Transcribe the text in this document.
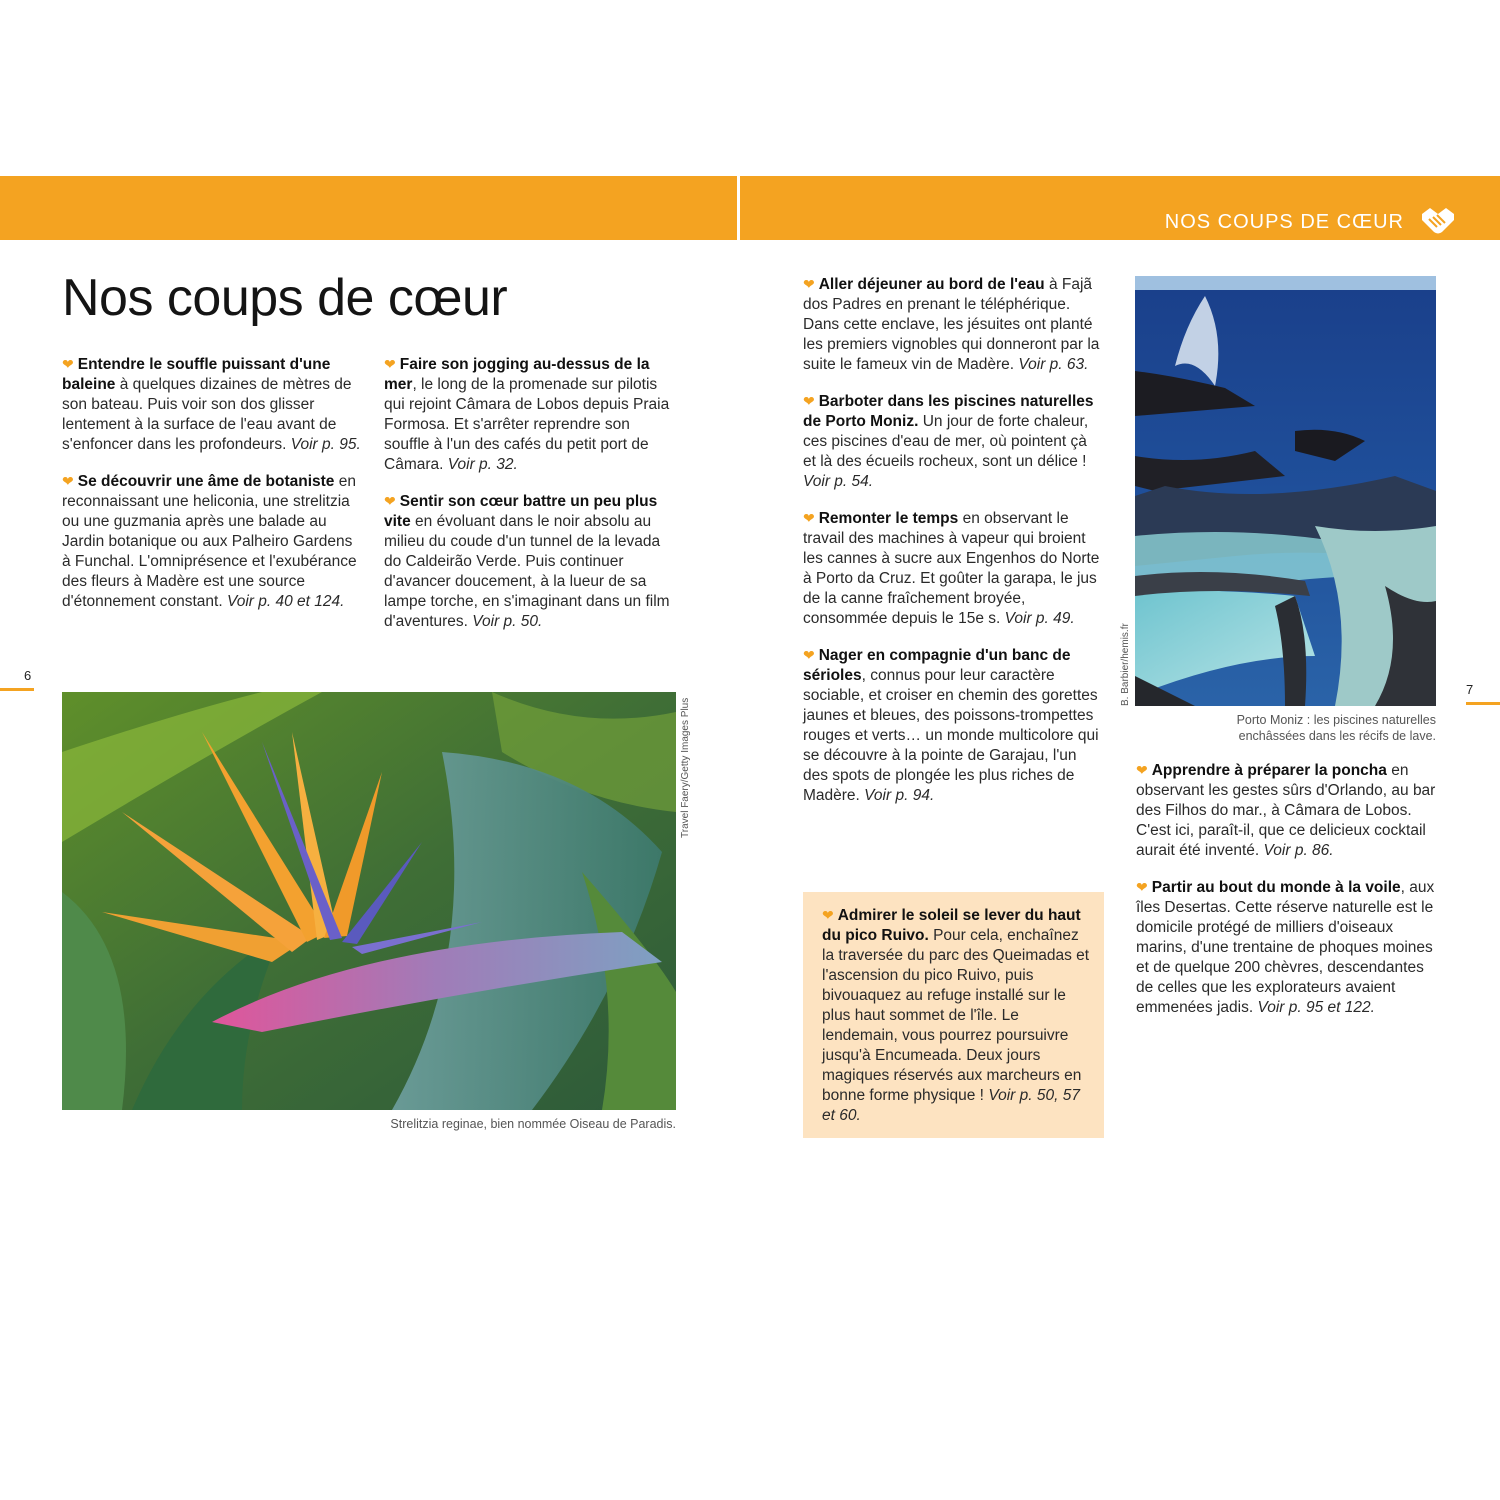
NOS COUPS DE CŒUR
Nos coups de cœur

❤ Entendre le souffle puissant d'une baleine à quelques dizaines de mètres de son bateau. Puis voir son dos glisser lentement à la surface de l'eau avant de s'enfoncer dans les profondeurs. Voir p. 95.

❤ Se découvrir une âme de botaniste en reconnaissant une heliconia, une strelitzia ou une guzmania après une balade au Jardin botanique ou aux Palheiro Gardens à Funchal. L'omniprésence et l'exubérance des fleurs à Madère est une source d'étonnement constant. Voir p. 40 et 124.

❤ Faire son jogging au-dessus de la mer, le long de la promenade sur pilotis qui rejoint Câmara de Lobos depuis Praia Formosa. Et s'arrêter reprendre son souffle à l'un des cafés du petit port de Câmara. Voir p. 32.

❤ Sentir son cœur battre un peu plus vite en évoluant dans le noir absolu au milieu du coude d'un tunnel de la levada do Caldeirão Verde. Puis continuer d'avancer doucement, à la lueur de sa lampe torche, en s'imaginant dans un film d'aventures. Voir p. 50.

6
7
Travel Faery/Getty Images Plus
Strelitzia reginae, bien nommée Oiseau de Paradis.

❤ Aller déjeuner au bord de l'eau à Fajã dos Padres en prenant le téléphérique. Dans cette enclave, les jésuites ont planté les premiers vignobles qui donneront par la suite le fameux vin de Madère. Voir p. 63.

❤ Barboter dans les piscines naturelles de Porto Moniz. Un jour de forte chaleur, ces piscines d'eau de mer, où pointent çà et là des écueils rocheux, sont un délice ! Voir p. 54.

❤ Remonter le temps en observant le travail des machines à vapeur qui broient les cannes à sucre aux Engenhos do Norte à Porto da Cruz. Et goûter la garapa, le jus de la canne fraîchement broyée, consommée depuis le 15e s. Voir p. 49.

❤ Nager en compagnie d'un banc de sérioles, connus pour leur caractère sociable, et croiser en chemin des gorettes jaunes et bleues, des poissons-trompettes rouges et verts… un monde multicolore qui se découvre à la pointe de Garajau, l'un des spots de plongée les plus riches de Madère. Voir p. 94.

❤ Admirer le soleil se lever du haut du pico Ruivo. Pour cela, enchaînez la traversée du parc des Queimadas et l'ascension du pico Ruivo, puis bivouaquez au refuge installé sur le plus haut sommet de l'île. Le lendemain, vous pourrez poursuivre jusqu'à Encumeada. Deux jours magiques réservés aux marcheurs en bonne forme physique ! Voir p. 50, 57 et 60.

B. Barbier/hemis.fr
Porto Moniz : les piscines naturelles
enchâssées dans les récifs de lave.

❤ Apprendre à préparer la poncha en observant les gestes sûrs d'Orlando, au bar des Filhos do mar., à Câmara de Lobos. C'est ici, paraît-il, que ce delicieux cocktail aurait été inventé. Voir p. 86.

❤ Partir au bout du monde à la voile, aux îles Desertas. Cette réserve naturelle est le domicile protégé de milliers d'oiseaux marins, d'une trentaine de phoques moines et de quelque 200 chèvres, descendantes de celles que les explorateurs avaient emmenées jadis. Voir p. 95 et 122.
